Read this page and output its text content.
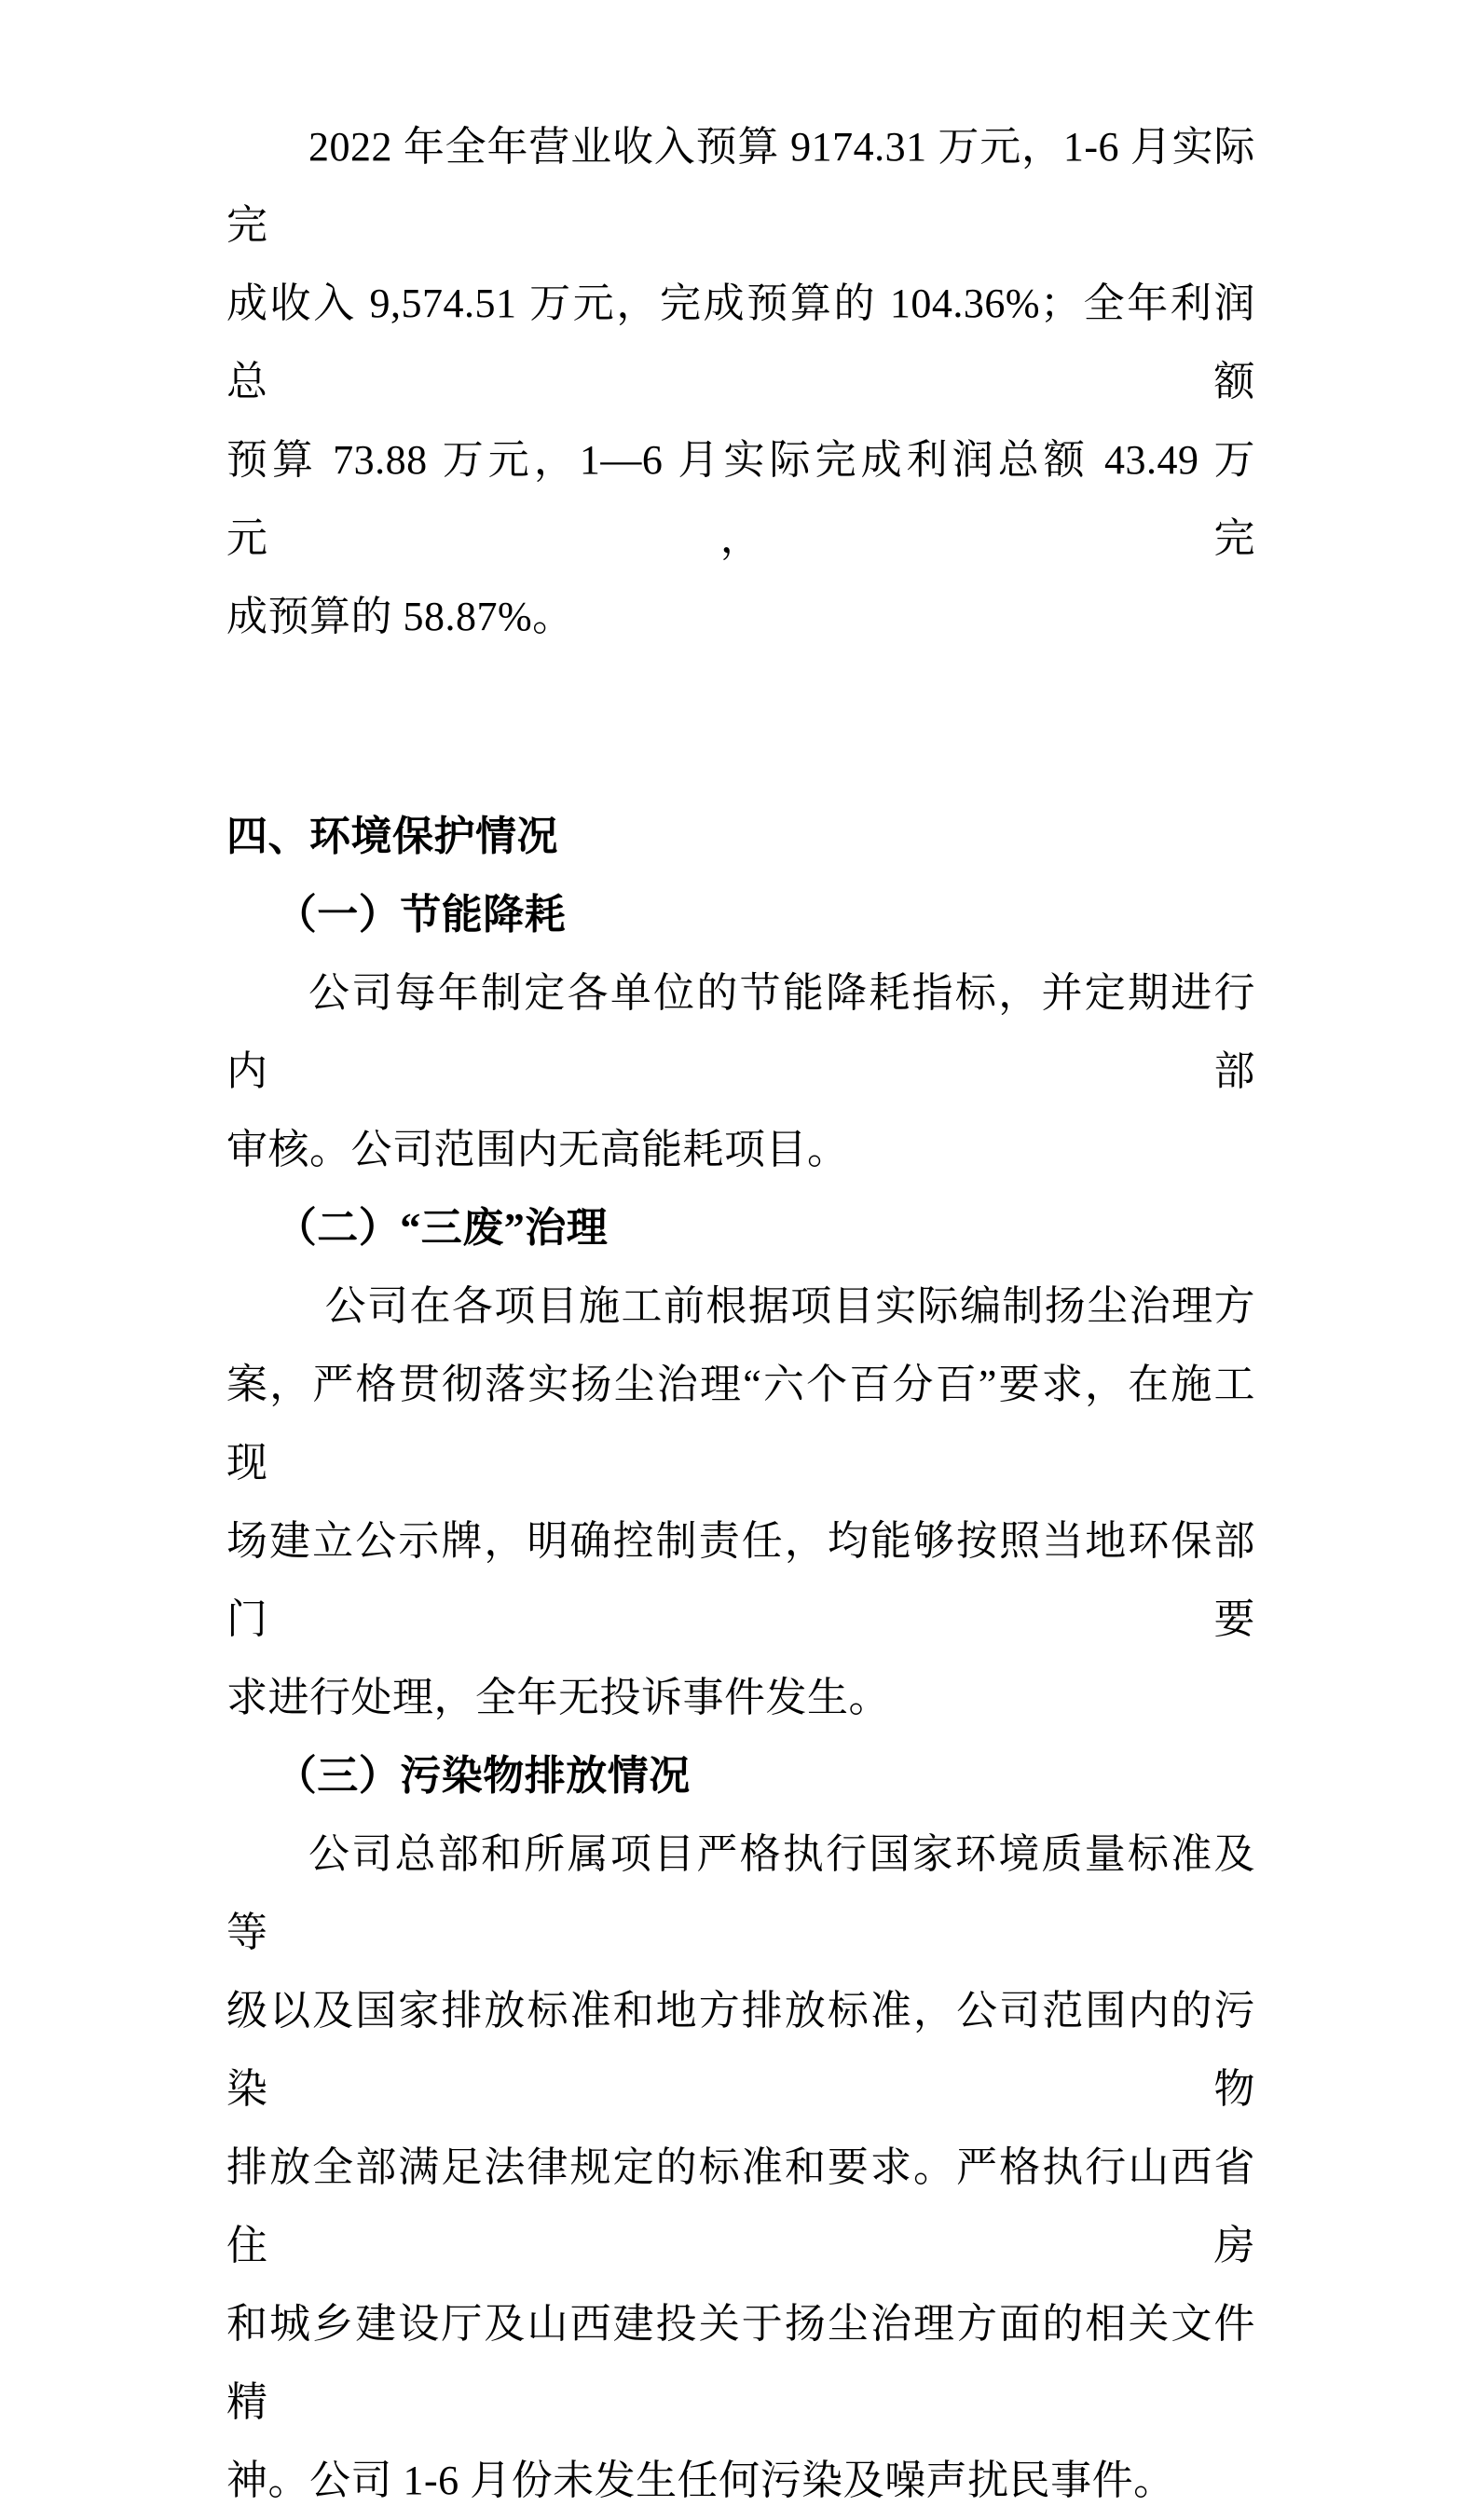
2022 年全年营业收入预算 9174.31 万元，1-6 月实际完
成收入 9,574.51 万元，完成预算的 104.36%；全年利润总额
预算 73.88 万元，1—6 月实际完成利润总额 43.49 万元，完
成预算的 58.87%。
四、环境保护情况
（一）节能降耗
公司每年制定各单位的节能降耗指标，并定期进行内部
审核。公司范围内无高能耗项目。
（二）“三废”治理
公司在各项目施工前根据项目实际编制扬尘治理方
案，严格贯彻落实扬尘治理“六个百分百”要求，在施工现
场建立公示牌，明确控制责任，均能够按照当地环保部门要
求进行处理，全年无投诉事件发生。
（三）污染物排放情况
公司总部和所属项目严格执行国家环境质量标准及等
级以及国家排放标准和地方排放标准，公司范围内的污染物
排放全部满足法律规定的标准和要求。严格执行山西省住房
和城乡建设厅及山西建投关于扬尘治理方面的相关文件精
神。公司 1-6 月份未发生任何污染及噪声扰民事件。
